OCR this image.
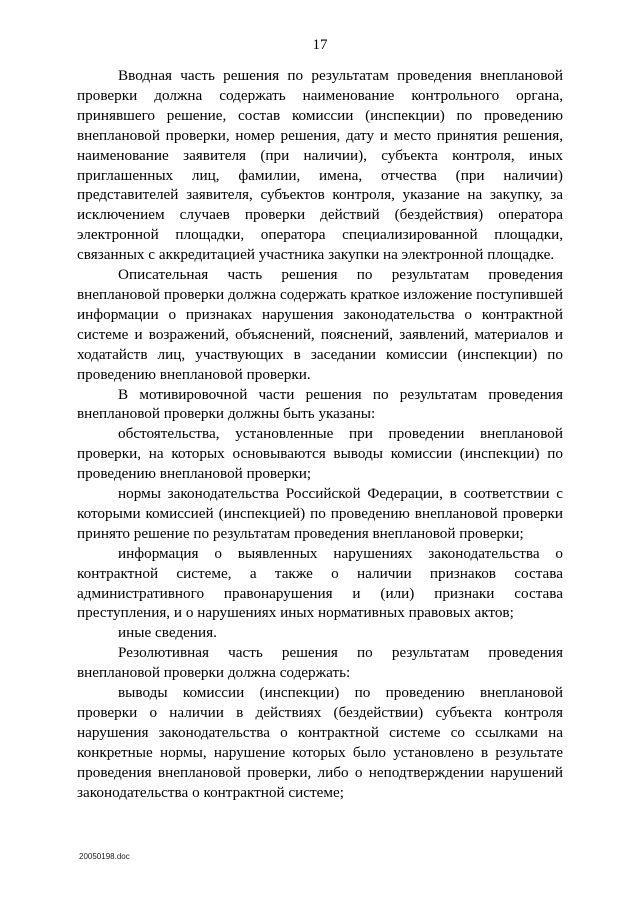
17

Вводная часть решения по результатам проведения внеплановой проверки должна содержать наименование контрольного органа, принявшего решение, состав комиссии (инспекции) по проведению внеплановой проверки, номер решения, дату и место принятия решения, наименование заявителя (при наличии), субъекта контроля, иных приглашенных лиц, фамилии, имена, отчества (при наличии) представителей заявителя, субъектов контроля, указание на закупку, за исключением случаев проверки действий (бездействия) оператора электронной площадки, оператора специализированной площадки, связанных с аккредитацией участника закупки на электронной площадке.

Описательная часть решения по результатам проведения внеплановой проверки должна содержать краткое изложение поступившей информации о признаках нарушения законодательства о контрактной системе и возражений, объяснений, пояснений, заявлений, материалов и ходатайств лиц, участвующих в заседании комиссии (инспекции) по проведению внеплановой проверки.

В мотивировочной части решения по результатам проведения внеплановой проверки должны быть указаны:

обстоятельства, установленные при проведении внеплановой проверки, на которых основываются выводы комиссии (инспекции) по проведению внеплановой проверки;

нормы законодательства Российской Федерации, в соответствии с которыми комиссией (инспекцией) по проведению внеплановой проверки принято решение по результатам проведения внеплановой проверки;

информация о выявленных нарушениях законодательства о контрактной системе, а также о наличии признаков состава административного правонарушения и (или) признаки состава преступления, и о нарушениях иных нормативных правовых актов;

иные сведения.

Резолютивная часть решения по результатам проведения внеплановой проверки должна содержать:

выводы комиссии (инспекции) по проведению внеплановой проверки о наличии в действиях (бездействии) субъекта контроля нарушения законодательства о контрактной системе со ссылками на конкретные нормы, нарушение которых было установлено в результате проведения внеплановой проверки, либо о неподтверждении нарушений законодательства о контрактной системе;

20050198.doc
